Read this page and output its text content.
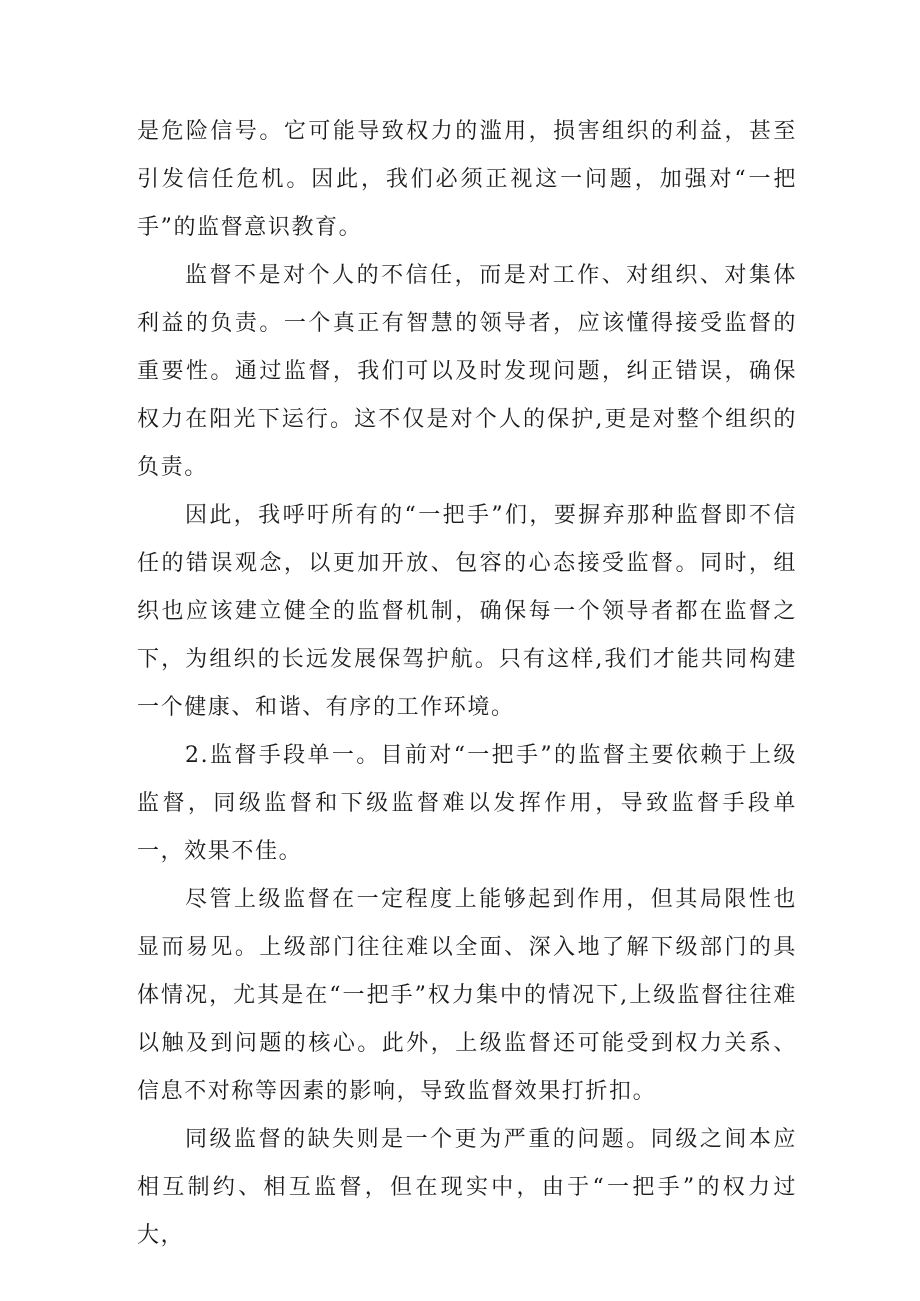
是危险信号。它可能导致权力的滥用，损害组织的利益，甚至引发信任危机。因此，我们必须正视这一问题，加强对“一把手”的监督意识教育。

监督不是对个人的不信任，而是对工作、对组织、对集体利益的负责。一个真正有智慧的领导者，应该懂得接受监督的重要性。通过监督，我们可以及时发现问题，纠正错误，确保权力在阳光下运行。这不仅是对个人的保护,更是对整个组织的负责。

因此，我呼吁所有的“一把手”们，要摒弃那种监督即不信任的错误观念，以更加开放、包容的心态接受监督。同时，组织也应该建立健全的监督机制，确保每一个领导者都在监督之下，为组织的长远发展保驾护航。只有这样,我们才能共同构建一个健康、和谐、有序的工作环境。

2.监督手段单一。目前对“一把手”的监督主要依赖于上级监督，同级监督和下级监督难以发挥作用，导致监督手段单一，效果不佳。

尽管上级监督在一定程度上能够起到作用，但其局限性也显而易见。上级部门往往难以全面、深入地了解下级部门的具体情况，尤其是在“一把手”权力集中的情况下,上级监督往往难以触及到问题的核心。此外，上级监督还可能受到权力关系、信息不对称等因素的影响，导致监督效果打折扣。

同级监督的缺失则是一个更为严重的问题。同级之间本应相互制约、相互监督，但在现实中，由于“一把手”的权力过大，
